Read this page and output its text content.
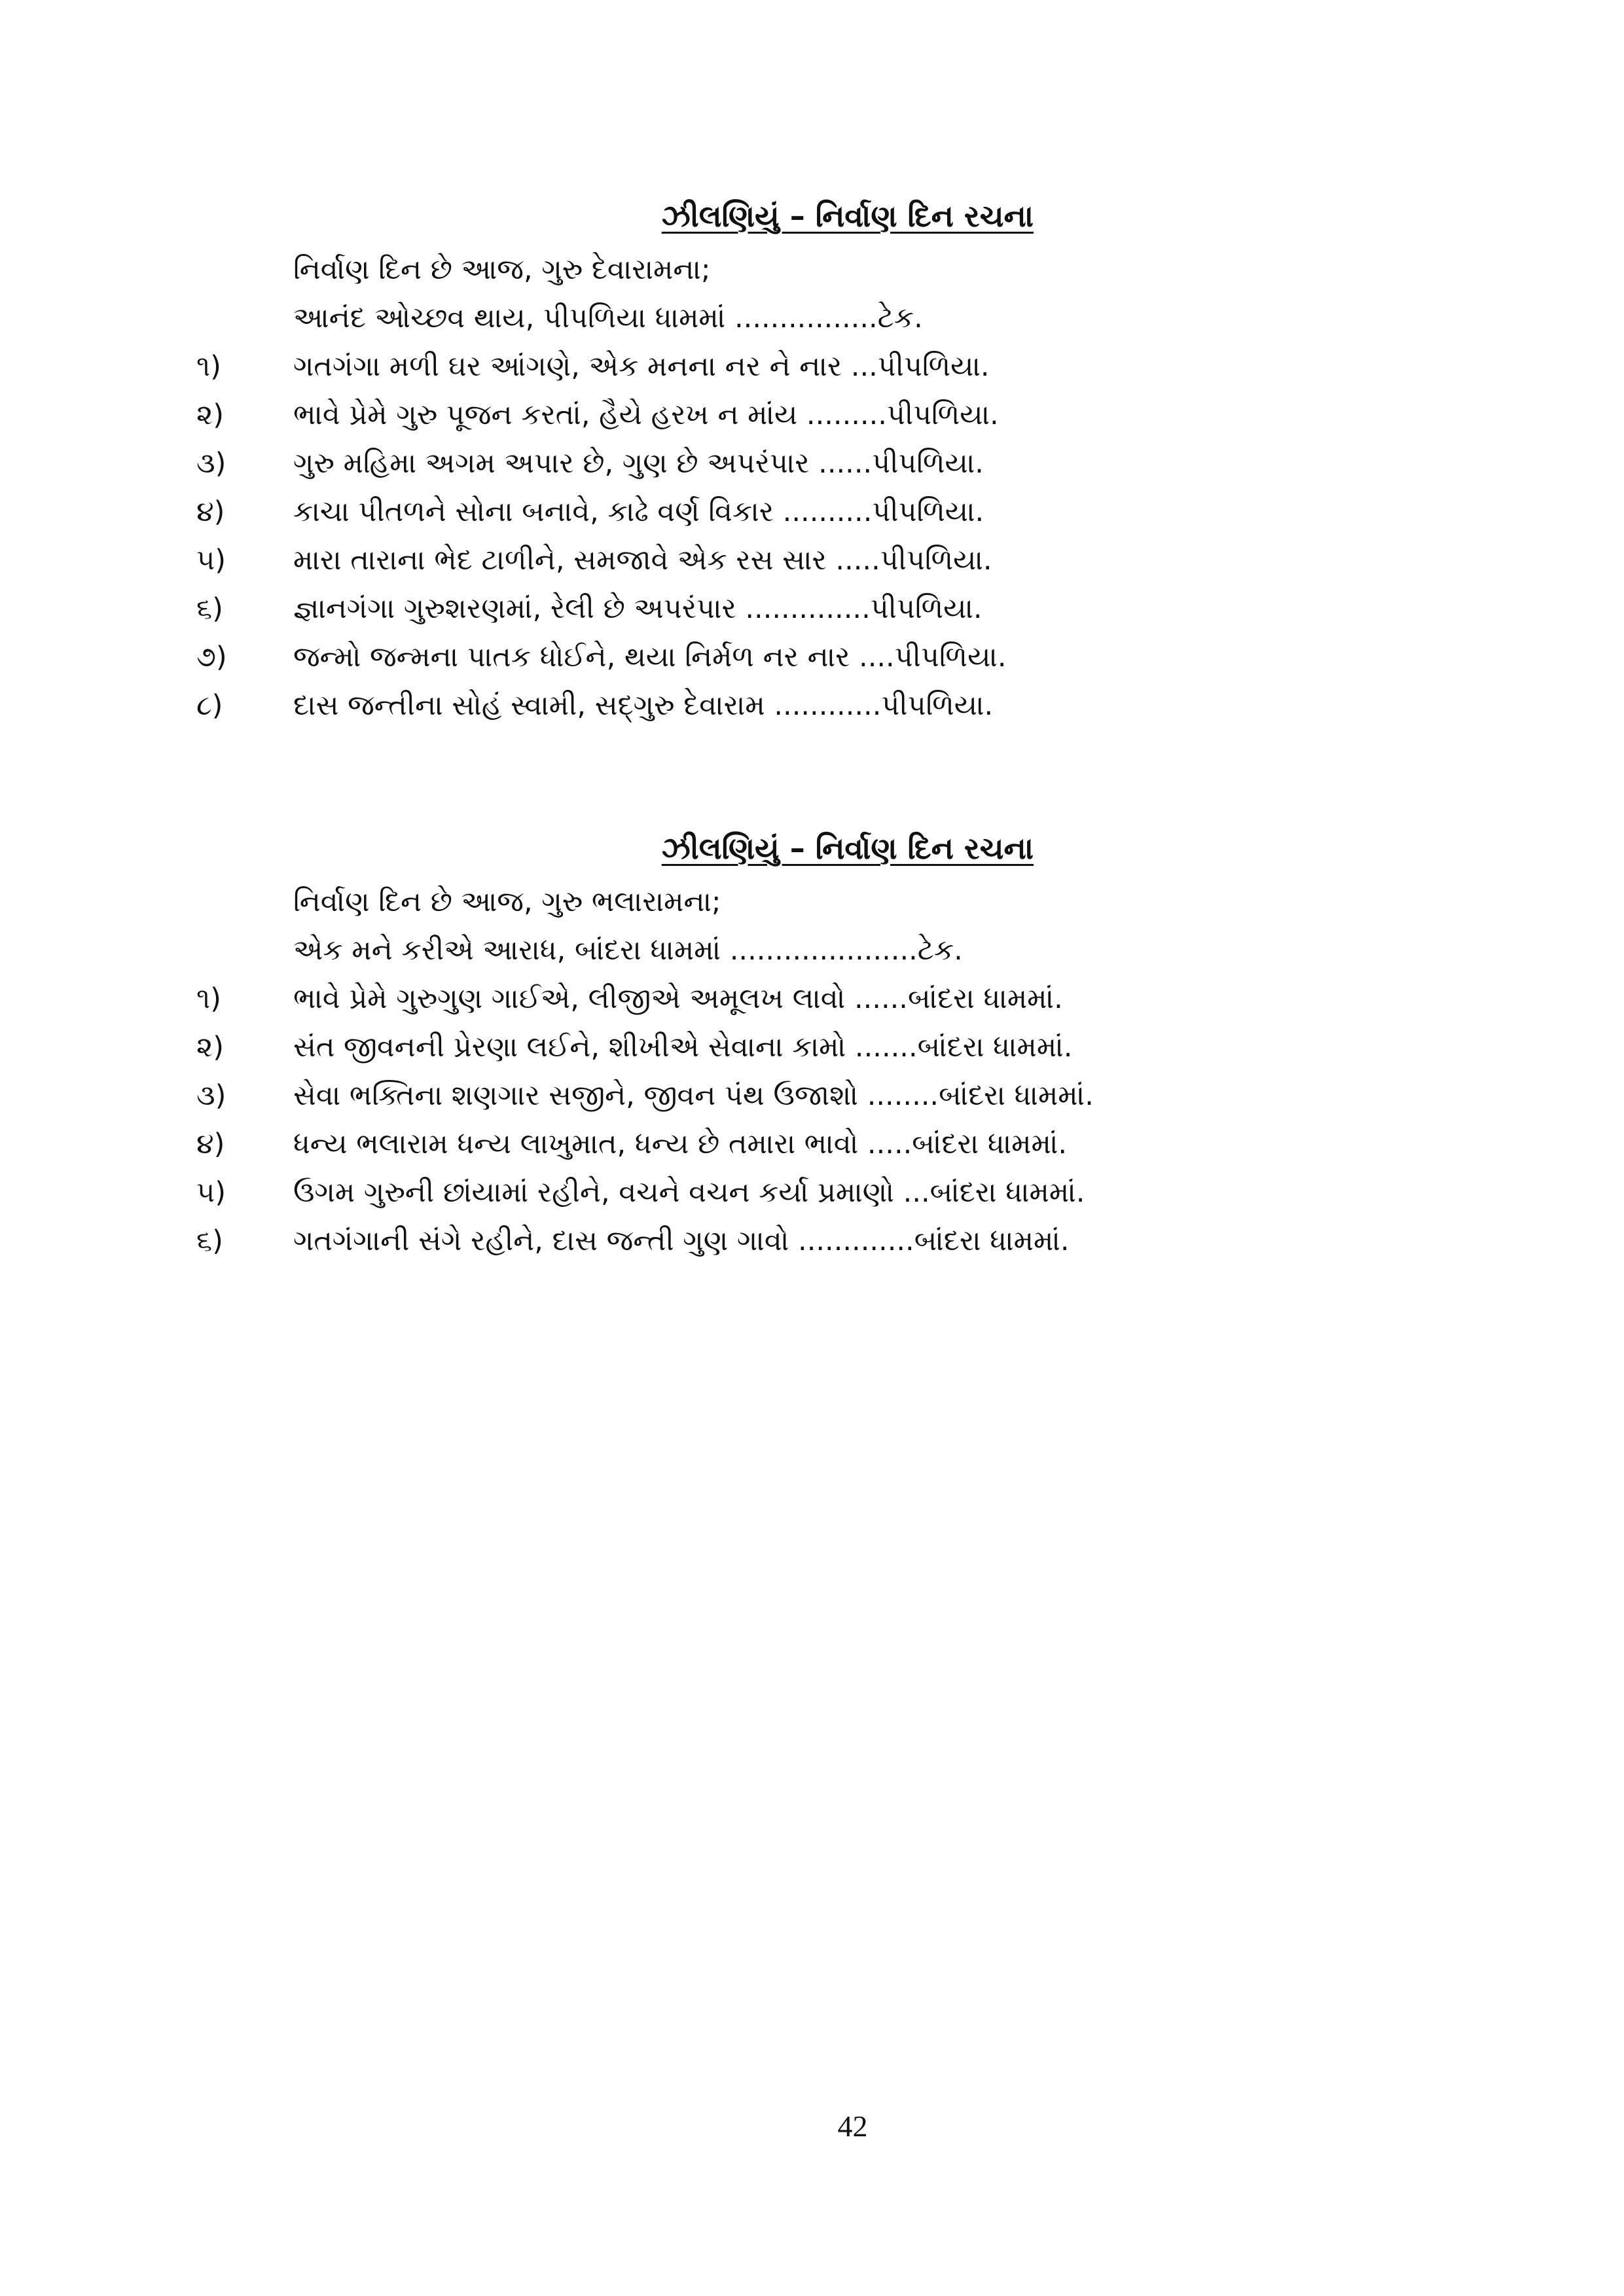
ઝીલણિયું – નિર્વાણ દિન રચના
નિર્વાણ દિન છે આજ, ગુરુ દેવારામના;
આનંદ ઓચ્છવ થાય, પીપળિયા ધામમાં ................ટેક.
૧)	ગતગંગા મળી ઘર આંગણે, એક મનના નર ને નાર ...પીપળિયા.
૨)	ભાવે પ્રેમે ગુરુ પૂજન કરતાં, હૈયે હરખ ન માંય .........પીપળિયા.
૩)	ગુરુ મહિમા અગમ અપાર છે, ગુણ છે અપરંપાર ......પીપળિયા.
૪)	કાચા પીતળને સોના બનાવે, કાઢે વર્ણ વિકાર ..........પીપળિયા.
૫)	મારા તારાના ભેદ ટાળીને, સમજાવે એક રસ સાર .....પીપળિયા.
૬)	જ્ઞાનગંગા ગુરુશરણમાં, રેલી છે અપરંપાર ..............પીપળિયા.
૭)	જન્મો જન્મના પાતક ધોઈને, થયા નિર્મળ નર નાર ....પીપળિયા.
૮)	દાસ જન્તીના સોહં સ્વામી, સદ્‌ગુરુ દેવારામ ............પીપળિયા.
ઝીલણિયું – નિર્વાણ દિન રચના
નિર્વાણ દિન છે આજ, ગુરુ ભલારામના;
એક મને કરીએ આરાધ, બાંદરા ધામમાં .....................ટેક.
૧)	ભાવે પ્રેમે ગુરુગુણ ગાઈએ, લીજીએ અમૂલખ લાવો ......બાંદરા ધામમાં.
૨)	સંત જીવનની પ્રેરણા લઈને, શીખીએ સેવાના કામો .......બાંદરા ધામમાં.
૩)	સેવા ભક્તિના શણગાર સજીને, જીવન પંથ ઉજાશો ........બાંદરા ધામમાં.
૪)	ધન્ય ભલારામ ધન્ય લાખુમાત, ધન્ય છે તમારા ભાવો .....બાંદરા ધામમાં.
૫)	ઉગમ ગુરુની છાંયામાં રહીને, વચને વચન કર્યા પ્રમાણો ...બાંદરા ધામમાં.
૬)	ગતગંગાની સંગે રહીને, દાસ જન્તી ગુણ ગાવો .............બાંદરા ધામમાં.
42
